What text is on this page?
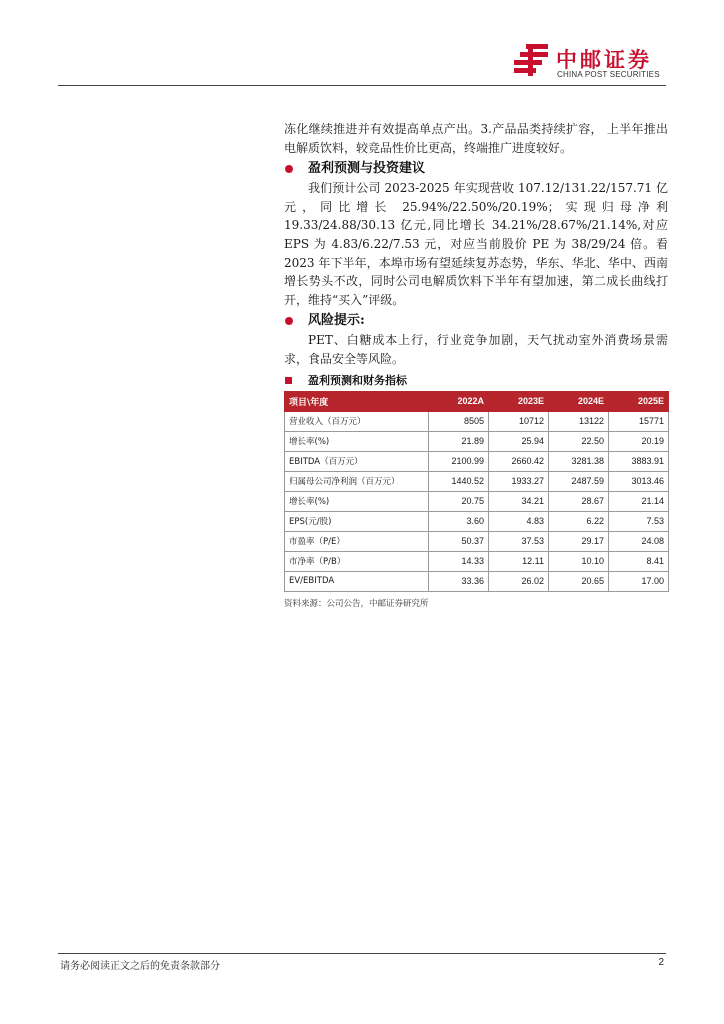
中邮证券
CHINA POST SECURITIES

冻化继续推进并有效提高单点产出。3.产品品类持续扩容， 上半年推出电解质饮料，较竞品性价比更高，终端推广进度较好。

盈利预测与投资建议

我们预计公司 2023-2025 年实现营收 107.12/131.22/157.71 亿元，同比增长 25.94%/22.50%/20.19%；实现归母净利 19.33/24.88/30.13 亿元,同比增长 34.21%/28.67%/21.14%,对应 EPS 为 4.83/6.22/7.53 元，对应当前股价 PE 为 38/29/24 倍。看 2023 年下半年，本埠市场有望延续复苏态势，华东、华北、华中、西南增长势头不改，同时公司电解质饮料下半年有望加速，第二成长曲线打开，维持“买入”评级。

风险提示:

PET、白糖成本上行，行业竞争加剧，天气扰动室外消费场景需求，食品安全等风险。

盈利预测和财务指标
项目\年度	2022A	2023E	2024E	2025E
营业收入（百万元）	8505	10712	13122	15771
增长率(%)	21.89	25.94	22.50	20.19
EBITDA（百万元）	2100.99	2660.42	3281.38	3883.91
归属母公司净利润（百万元）	1440.52	1933.27	2487.59	3013.46
增长率(%)	20.75	34.21	28.67	21.14
EPS(元/股)	3.60	4.83	6.22	7.53
市盈率（P/E）	50.37	37.53	29.17	24.08
市净率（P/B）	14.33	12.11	10.10	8.41
EV/EBITDA	33.36	26.02	20.65	17.00
资料来源：公司公告，中邮证券研究所
请务必阅读正文之后的免责条款部分	2
